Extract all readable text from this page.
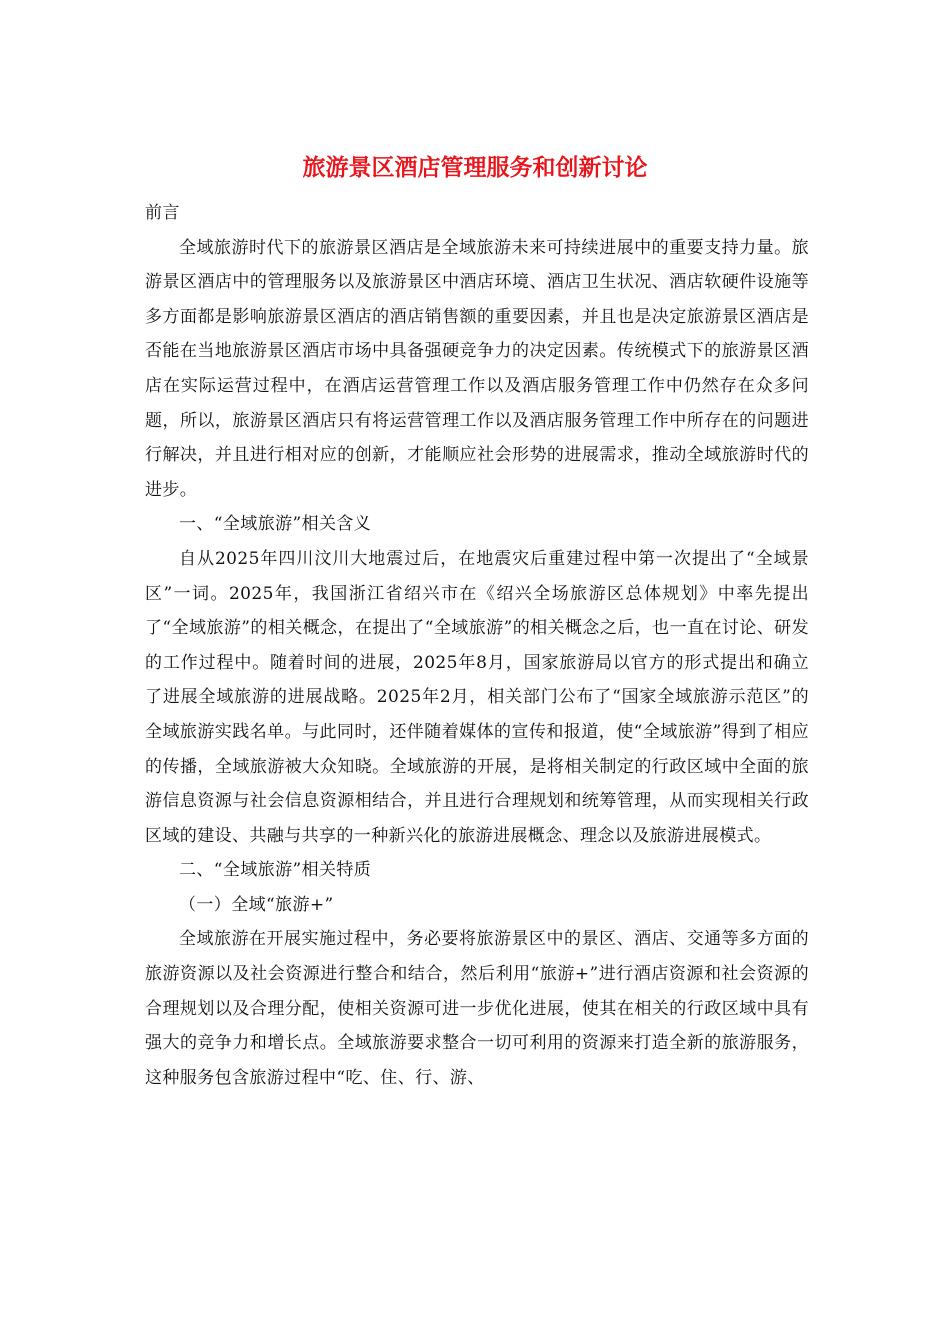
旅游景区酒店管理服务和创新讨论

前言

全域旅游时代下的旅游景区酒店是全域旅游未来可持续进展中的重要支持力量。旅游景区酒店中的管理服务以及旅游景区中酒店环境、酒店卫生状况、酒店软硬件设施等多方面都是影响旅游景区酒店的酒店销售额的重要因素，并且也是决定旅游景区酒店是否能在当地旅游景区酒店市场中具备强硬竞争力的决定因素。传统模式下的旅游景区酒店在实际运营过程中，在酒店运营管理工作以及酒店服务管理工作中仍然存在众多问题，所以，旅游景区酒店只有将运营管理工作以及酒店服务管理工作中所存在的问题进行解决，并且进行相对应的创新，才能顺应社会形势的进展需求，推动全域旅游时代的进步。

一、“全域旅游”相关含义

自从2025年四川汶川大地震过后，在地震灾后重建过程中第一次提出了“全域景区”一词。2025年，我国浙江省绍兴市在《绍兴全场旅游区总体规划》中率先提出了“全域旅游”的相关概念，在提出了“全域旅游”的相关概念之后，也一直在讨论、研发的工作过程中。随着时间的进展，2025年8月，国家旅游局以官方的形式提出和确立了进展全域旅游的进展战略。2025年2月，相关部门公布了“国家全域旅游示范区”的全域旅游实践名单。与此同时，还伴随着媒体的宣传和报道，使“全域旅游”得到了相应的传播，全域旅游被大众知晓。全域旅游的开展，是将相关制定的行政区域中全面的旅游信息资源与社会信息资源相结合，并且进行合理规划和统筹管理，从而实现相关行政区域的建设、共融与共享的一种新兴化的旅游进展概念、理念以及旅游进展模式。

二、“全域旅游”相关特质

（一）全域“旅游+”

全域旅游在开展实施过程中，务必要将旅游景区中的景区、酒店、交通等多方面的旅游资源以及社会资源进行整合和结合，然后利用“旅游+”进行酒店资源和社会资源的合理规划以及合理分配，使相关资源可进一步优化进展，使其在相关的行政区域中具有强大的竞争力和增长点。全域旅游要求整合一切可利用的资源来打造全新的旅游服务，这种服务包含旅游过程中“吃、住、行、游、
